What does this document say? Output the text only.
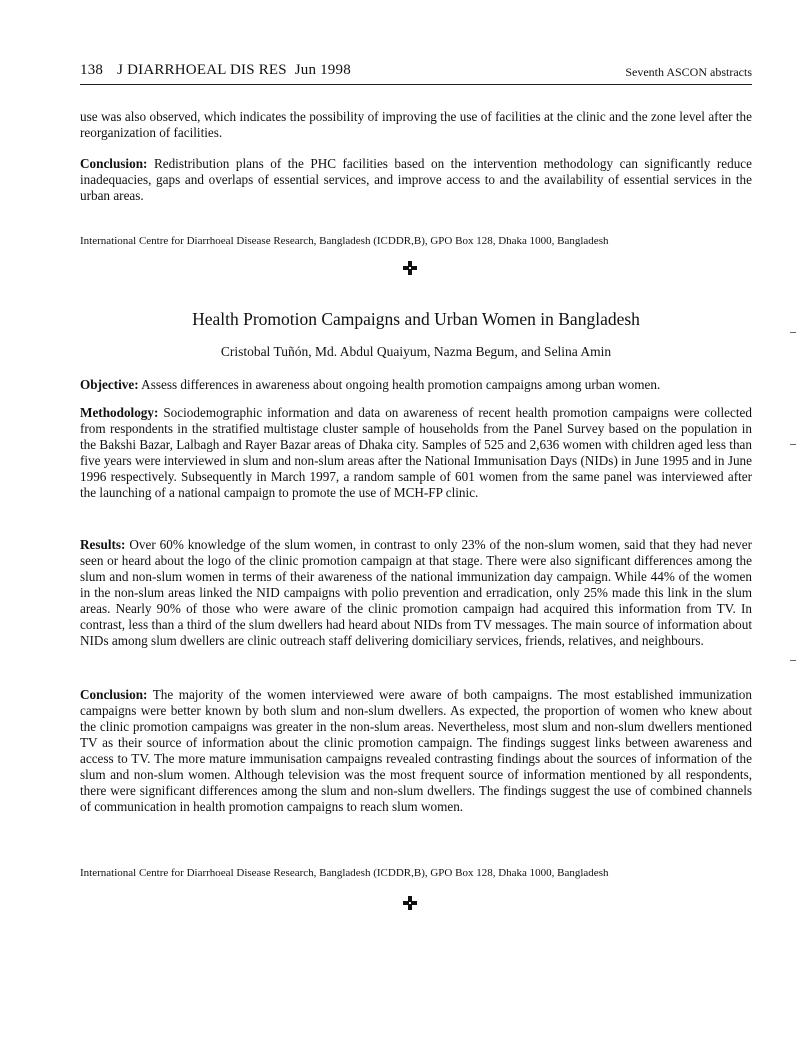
138 J DIARRHOEAL DIS RES Jun 1998	Seventh ASCON abstracts
use was also observed, which indicates the possibility of improving the use of facilities at the clinic and the zone level after the reorganization of facilities.
Conclusion: Redistribution plans of the PHC facilities based on the intervention methodology can significantly reduce inadequacies, gaps and overlaps of essential services, and improve access to and the availability of essential services in the urban areas.
International Centre for Diarrhoeal Disease Research, Bangladesh (ICDDR,B), GPO Box 128, Dhaka 1000, Bangladesh
Health Promotion Campaigns and Urban Women in Bangladesh
Cristobal Tuñón, Md. Abdul Quaiyum, Nazma Begum, and Selina Amin
Objective: Assess differences in awareness about ongoing health promotion campaigns among urban women.
Methodology: Sociodemographic information and data on awareness of recent health promotion campaigns were collected from respondents in the stratified multistage cluster sample of households from the Panel Survey based on the population in the Bakshi Bazar, Lalbagh and Rayer Bazar areas of Dhaka city. Samples of 525 and 2,636 women with children aged less than five years were interviewed in slum and non-slum areas after the National Immunisation Days (NIDs) in June 1995 and in June 1996 respectively. Subsequently in March 1997, a random sample of 601 women from the same panel was interviewed after the launching of a national campaign to promote the use of MCH-FP clinic.
Results: Over 60% knowledge of the slum women, in contrast to only 23% of the non-slum women, said that they had never seen or heard about the logo of the clinic promotion campaign at that stage. There were also significant differences among the slum and non-slum women in terms of their awareness of the national immunization day campaign. While 44% of the women in the non-slum areas linked the NID campaigns with polio prevention and erradication, only 25% made this link in the slum areas. Nearly 90% of those who were aware of the clinic promotion campaign had acquired this information from TV. In contrast, less than a third of the slum dwellers had heard about NIDs from TV messages. The main source of information about NIDs among slum dwellers are clinic outreach staff delivering domiciliary services, friends, relatives, and neighbours.
Conclusion: The majority of the women interviewed were aware of both campaigns. The most established immunization campaigns were better known by both slum and non-slum dwellers. As expected, the proportion of women who knew about the clinic promotion campaigns was greater in the non-slum areas. Nevertheless, most slum and non-slum dwellers mentioned TV as their source of information about the clinic promotion campaign. The findings suggest links between awareness and access to TV. The more mature immunisation campaigns revealed contrasting findings about the sources of information of the slum and non-slum women. Although television was the most frequent source of information mentioned by all respondents, there were significant differences among the slum and non-slum dwellers. The findings suggest the use of combined channels of communication in health promotion campaigns to reach slum women.
International Centre for Diarrhoeal Disease Research, Bangladesh (ICDDR,B), GPO Box 128, Dhaka 1000, Bangladesh
